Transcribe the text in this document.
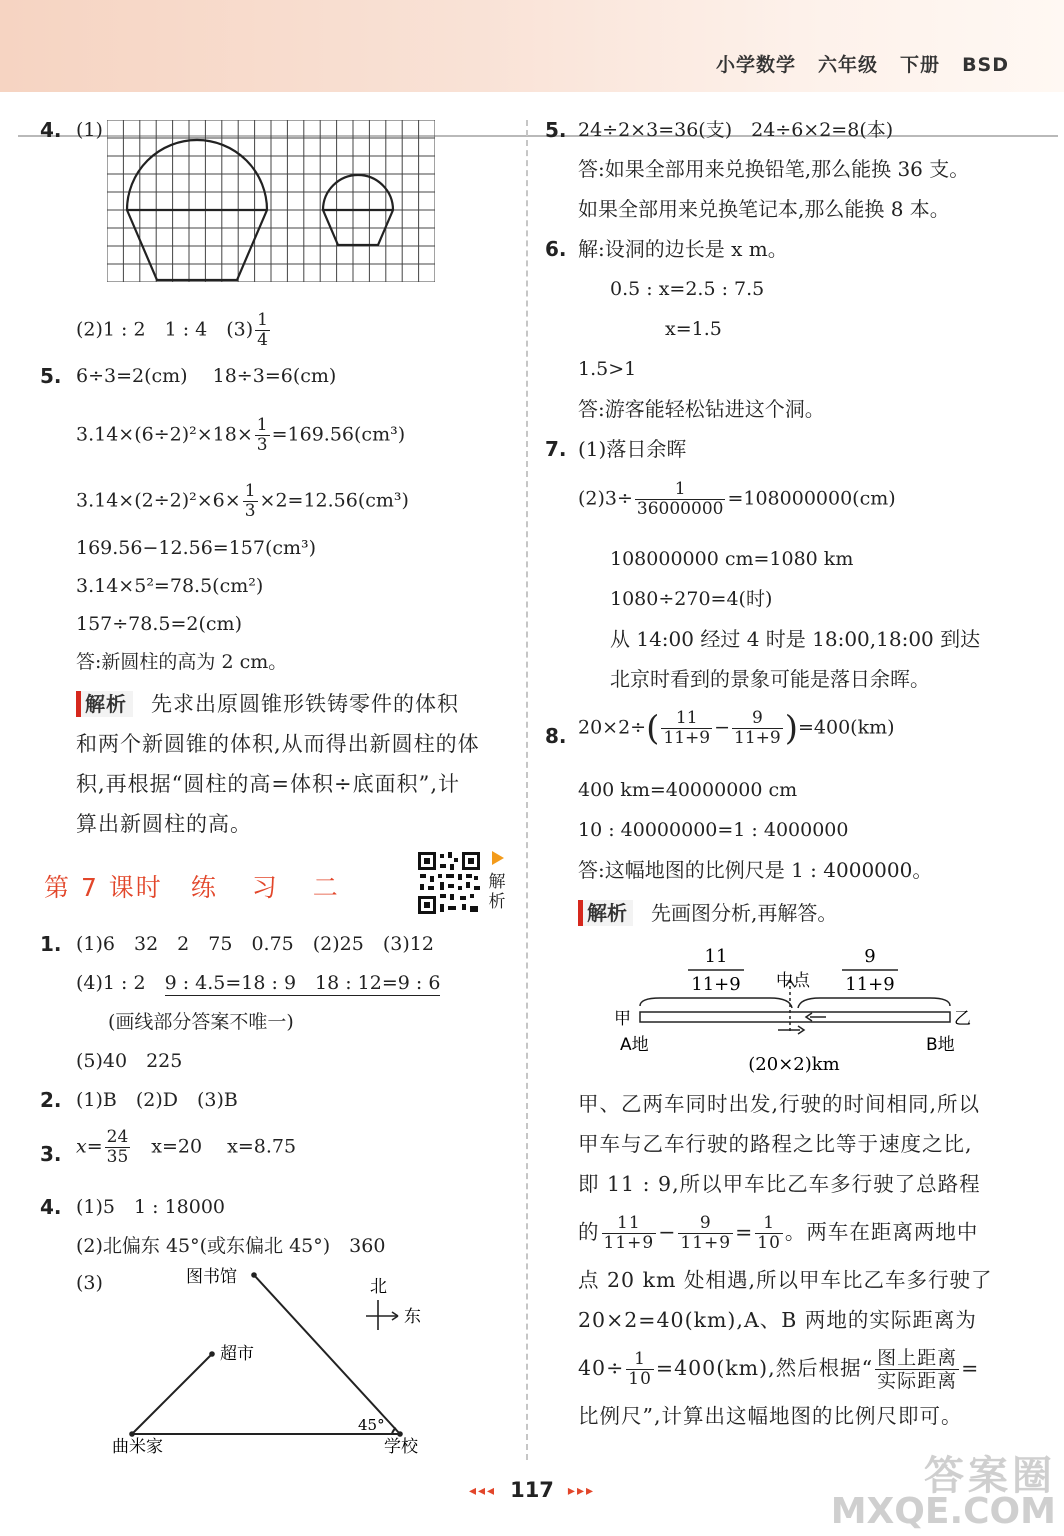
小学数学 六年级 下册 BSD
4. (1)
(2)1 : 2　1 : 4　$(3) \frac{1}{4}$
5. 6÷3=2(cm)　 18÷3=6(cm)
$3.14\times(6\div 2)^2\times 18\times \frac{1}{3} =169.56(cm^3)$
$3.14\times(2\div 2)^2\times 6\times \frac{1}{3} \times 2=12.56(cm^3)$
169.56−12.56=157(cm³)
3.14×5²=78.5(cm²)
157÷78.5=2(cm)
答:新圆柱的高为 2 cm。
解析 先求出原圆锥形铁铸零件的体积
和两个新圆锥的体积,从而得出新圆柱的体
积,再根据“圆柱的高=体积÷底面积”,计
算出新圆柱的高。
第 7 课时 练 习 二	解析
1. (1)6　32　2　75　0.75　(2)25　(3)12
(4)1 : 2　9 : 4.5=18 : 9　18 : 12=9 : 6
(画线部分答案不唯一)
(5)40　225
2. (1)B　(2)D　(3)B
3. $x= \frac{24}{35}$ 　x=20　 x=8.75
4. (1)5　1 : 18000
(2)北偏东 45°(或东偏北 45°)　360
(3)	图书馆
超市
曲米家	学校
45°
北
东
5. 24÷2×3=36(支)　24÷6×2=8(本)
答:如果全部用来兑换铅笔,那么能换 36 支。
如果全部用来兑换笔记本,那么能换 8 本。
6. 解:设洞的边长是 x m。
0.5 : x=2.5 : 7.5
x=1.5
1.5>1
答:游客能轻松钻进这个洞。
7. (1)落日余晖
$(2)3\div \frac{1}{36000000} =108000000(cm)$
108000000 cm=1080 km
1080÷270=4(时)
从 14:00 经过 4 时是 18:00,18:00 到达
北京时看到的景象可能是落日余晖。
8. $20\times 2\div( \frac{11}{11+9} - \frac{9}{11+9} )=400(km)$
400 km=40000000 cm
10 : 40000000=1 : 4000000
答:这幅地图的比例尺是 1 : 4000000。
解析 先画图分析,再解答。
11
11+9
9
11+9
中点
甲	乙
A地	B地
(20×2)km
甲、乙两车同时出发,行驶的时间相同,所以
甲车与乙车行驶的路程之比等于速度之比,
即 11 : 9,所以甲车比乙车多行驶了总路程
的 $\frac{11}{11+9} - \frac{9}{11+9} = \frac{1}{10}$ 。两车在距离两地中
点 20 km 处相遇,所以甲车比乙车多行驶了
20×2=40(km),A、B 两地的实际距离为
$40\div \frac{1}{10} =400(km)$,然后根据“ $\frac{\text{图上距离}}{\text{实际距离}}$ =
比例尺”,计算出这幅地图的比例尺即可。
◂◂◂ 117 ▸▸▸	答案圈
MXQE.COM
